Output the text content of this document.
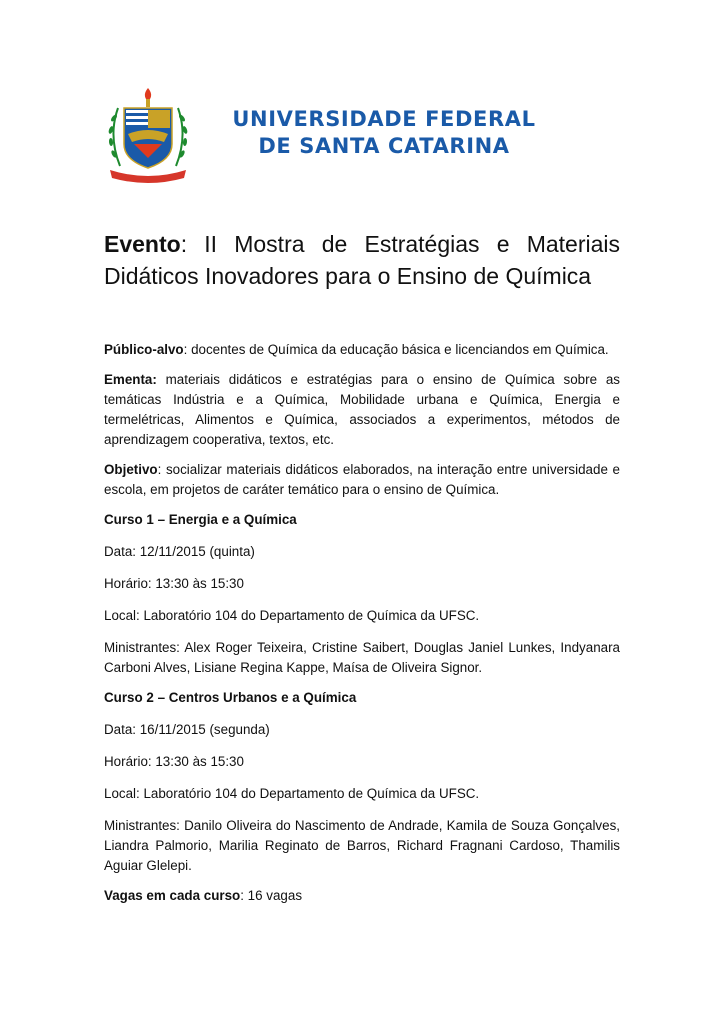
UNIVERSIDADE FEDERAL
DE SANTA CATARINA
Evento: II Mostra de Estratégias e Materiais Didáticos Inovadores para o Ensino de Química

Público-alvo: docentes de Química da educação básica e licenciandos em Química.

Ementa: materiais didáticos e estratégias para o ensino de Química sobre as temáticas Indústria e a Química, Mobilidade urbana e Química, Energia e termelétricas, Alimentos e Química, associados a experimentos, métodos de aprendizagem cooperativa, textos, etc.

Objetivo: socializar materiais didáticos elaborados, na interação entre universidade e escola, em projetos de caráter temático para o ensino de Química.

Curso 1 – Energia e a Química

Data: 12/11/2015 (quinta)

Horário: 13:30 às 15:30

Local: Laboratório 104 do Departamento de Química da UFSC.

Ministrantes: Alex Roger Teixeira, Cristine Saibert, Douglas Janiel Lunkes, Indyanara Carboni Alves, Lisiane Regina Kappe, Maísa de Oliveira Signor.

Curso 2 – Centros Urbanos e a Química

Data: 16/11/2015 (segunda)

Horário: 13:30 às 15:30

Local: Laboratório 104 do Departamento de Química da UFSC.

Ministrantes: Danilo Oliveira do Nascimento de Andrade, Kamila de Souza Gonçalves, Liandra Palmorio, Marilia Reginato de Barros, Richard Fragnani Cardoso, Thamilis Aguiar Glelepi.

Vagas em cada curso: 16 vagas
